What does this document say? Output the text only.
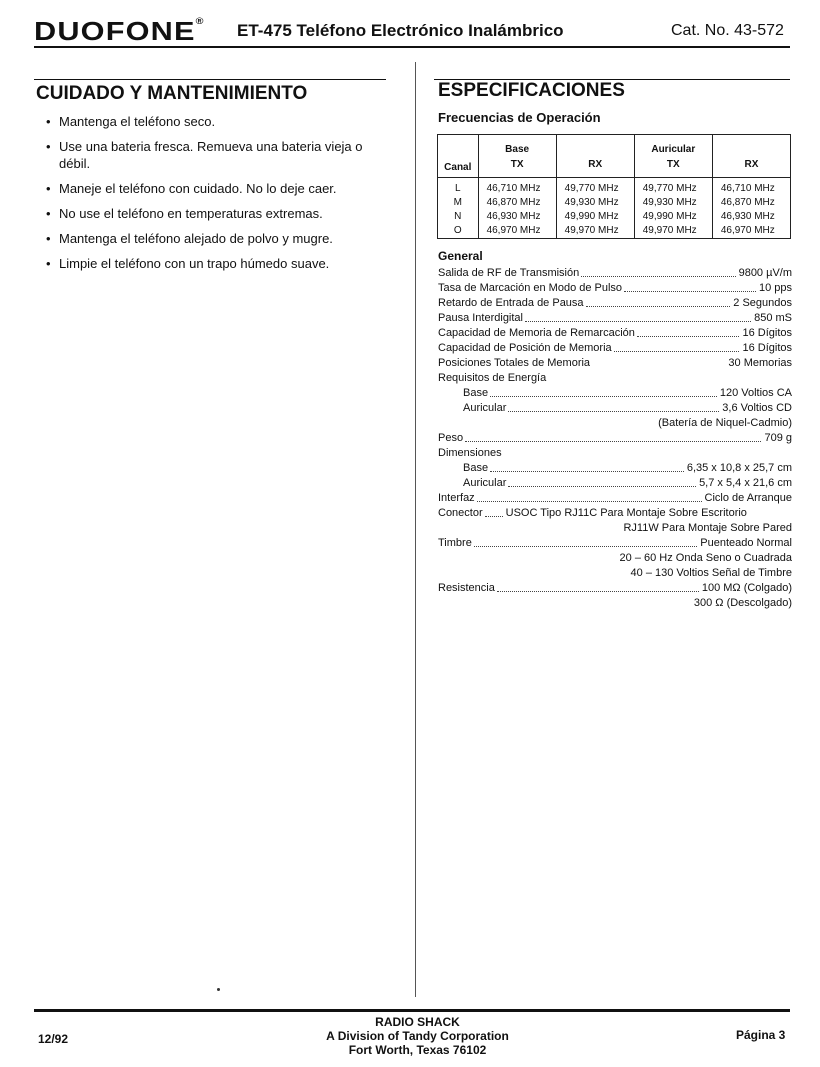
DUOFONE® ET-475 Teléfono Electrónico Inalámbrico	Cat. No. 43-572
CUIDADO Y MANTENIMIENTO
• Mantenga el teléfono seco.
• Use una bateria fresca. Remueva una bateria vieja o débil.
• Maneje el teléfono con cuidado. No lo deje caer.
• No use el teléfono en temperaturas extremas.
• Mantenga el teléfono alejado de polvo y mugre.
• Limpie el teléfono con un trapo húmedo suave.
ESPECIFICACIONES
Frecuencias de Operación
Canal	Base		Auricular	
	TX	RX	TX	RX

L	46,710 MHz	49,770 MHz	49,770 MHz	46,710 MHz
M	46,870 MHz	49,930 MHz	49,930 MHz	46,870 MHz
N	46,930 MHz	49,990 MHz	49,990 MHz	46,930 MHz
O	46,970 MHz	49,970 MHz	49,970 MHz	46,970 MHz
General
Salida de RF de Transmisión	9800 µV/m
Tasa de Marcación en Modo de Pulso	10 pps
Retardo de Entrada de Pausa	2 Segundos
Pausa Interdigital	850 mS
Capacidad de Memoria de Remarcación	16 Dígitos
Capacidad de Posición de Memoria	16 Dígitos
Posiciones Totales de Memoria	30 Memorias
Requisitos de Energía
Base	120 Voltios CA
Auricular	3,6 Voltios CD
(Batería de Niquel-Cadmio)
Peso	709 g
Dimensiones
Base	6,35 x 10,8 x 25,7 cm
Auricular	5,7 x 5,4 x 21,6 cm
Interfaz	Ciclo de Arranque
Conector USOC Tipo RJ11C Para Montaje Sobre Escritorio
RJ11W Para Montaje Sobre Pared
Timbre	Puenteado Normal
20 – 60 Hz Onda Seno o Cuadrada
40 – 130 Voltios Señal de Timbre
Resistencia	100 MΩ (Colgado)
300 Ω (Descolgado)
12/92
RADIO SHACK
A Division of Tandy Corporation
Fort Worth, Texas 76102
Página 3
